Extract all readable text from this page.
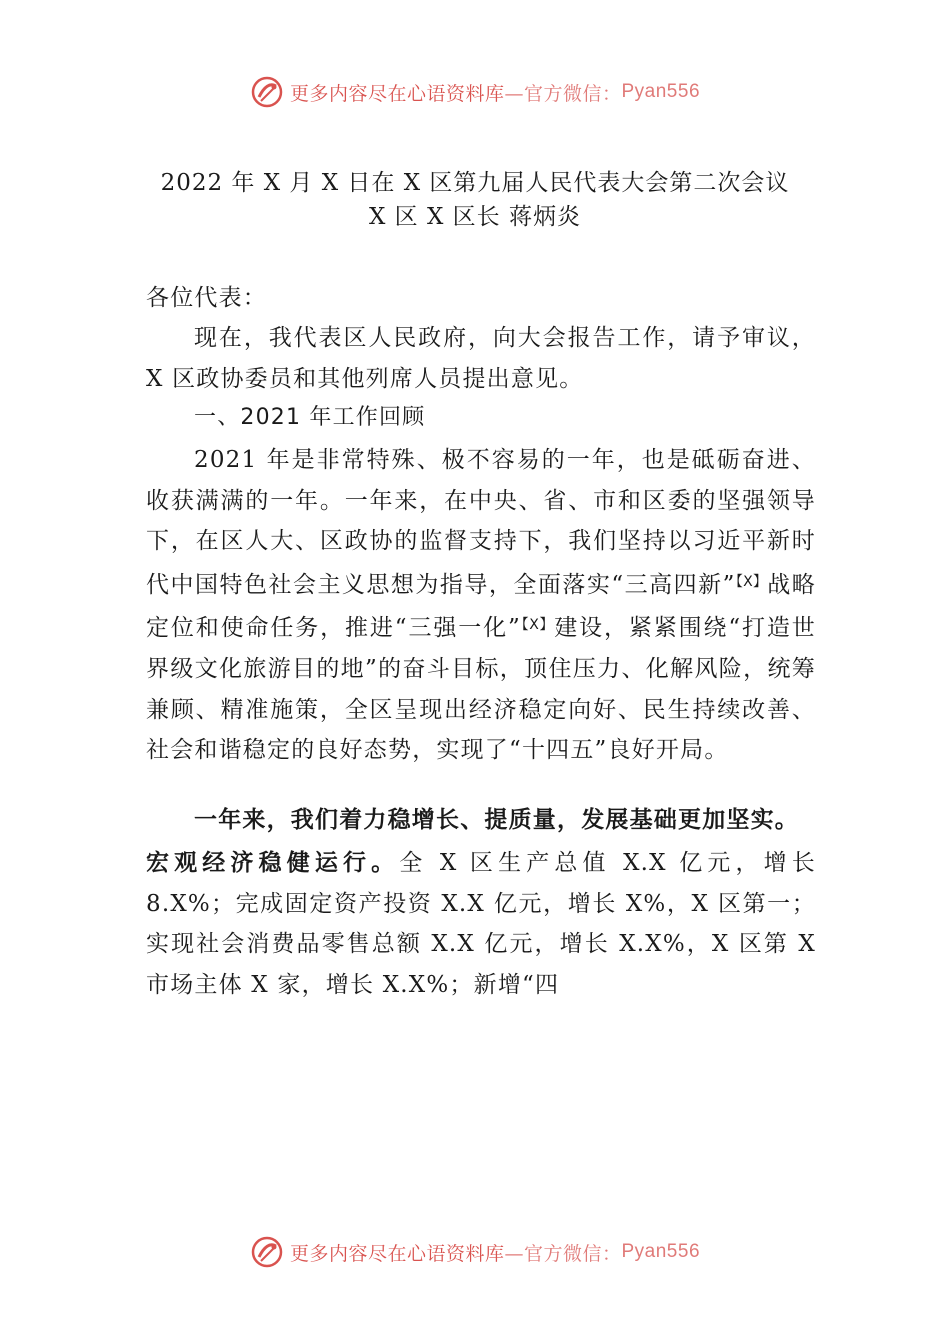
更多内容尽在心语资料库 —官方微信： Pyan556
2022 年 X 月 X 日在 X 区第九届人民代表大会第二次会议
X 区 X 区长 蒋炳炎

各位代表：

现在，我代表区人民政府，向大会报告工作，请予审议，X 区政协委员和其他列席人员提出意见。

一、2021 年工作回顾

2021 年是非常特殊、极不容易的一年，也是砥砺奋进、收获满满的一年。一年来，在中央、省、市和区委的坚强领导下，在区人大、区政协的监督支持下，我们坚持以习近平新时代中国特色社会主义思想为指导，全面落实“三高四新”$^{【X】}$战略定位和使命任务，推进“三强一化”$^{【X】}$建设，紧紧围绕“打造世界级文化旅游目的地”的奋斗目标，顶住压力、化解风险，统筹兼顾、精准施策，全区呈现出经济稳定向好、民生持续改善、社会和谐稳定的良好态势，实现了“十四五”良好开局。

一年来，我们着力稳增长、提质量，发展基础更加坚实。

宏观经济稳健运行。全 X 区生产总值 X.X 亿元，增长 8.X%；完成固定资产投资 X.X 亿元，增长 X%，X 区第一；实现社会消费品零售总额 X.X 亿元，增长 X.X%，X 区第 X 市场主体 X 家，增长 X.X%；新增“四

更多内容尽在心语资料库 —官方微信： Pyan556
